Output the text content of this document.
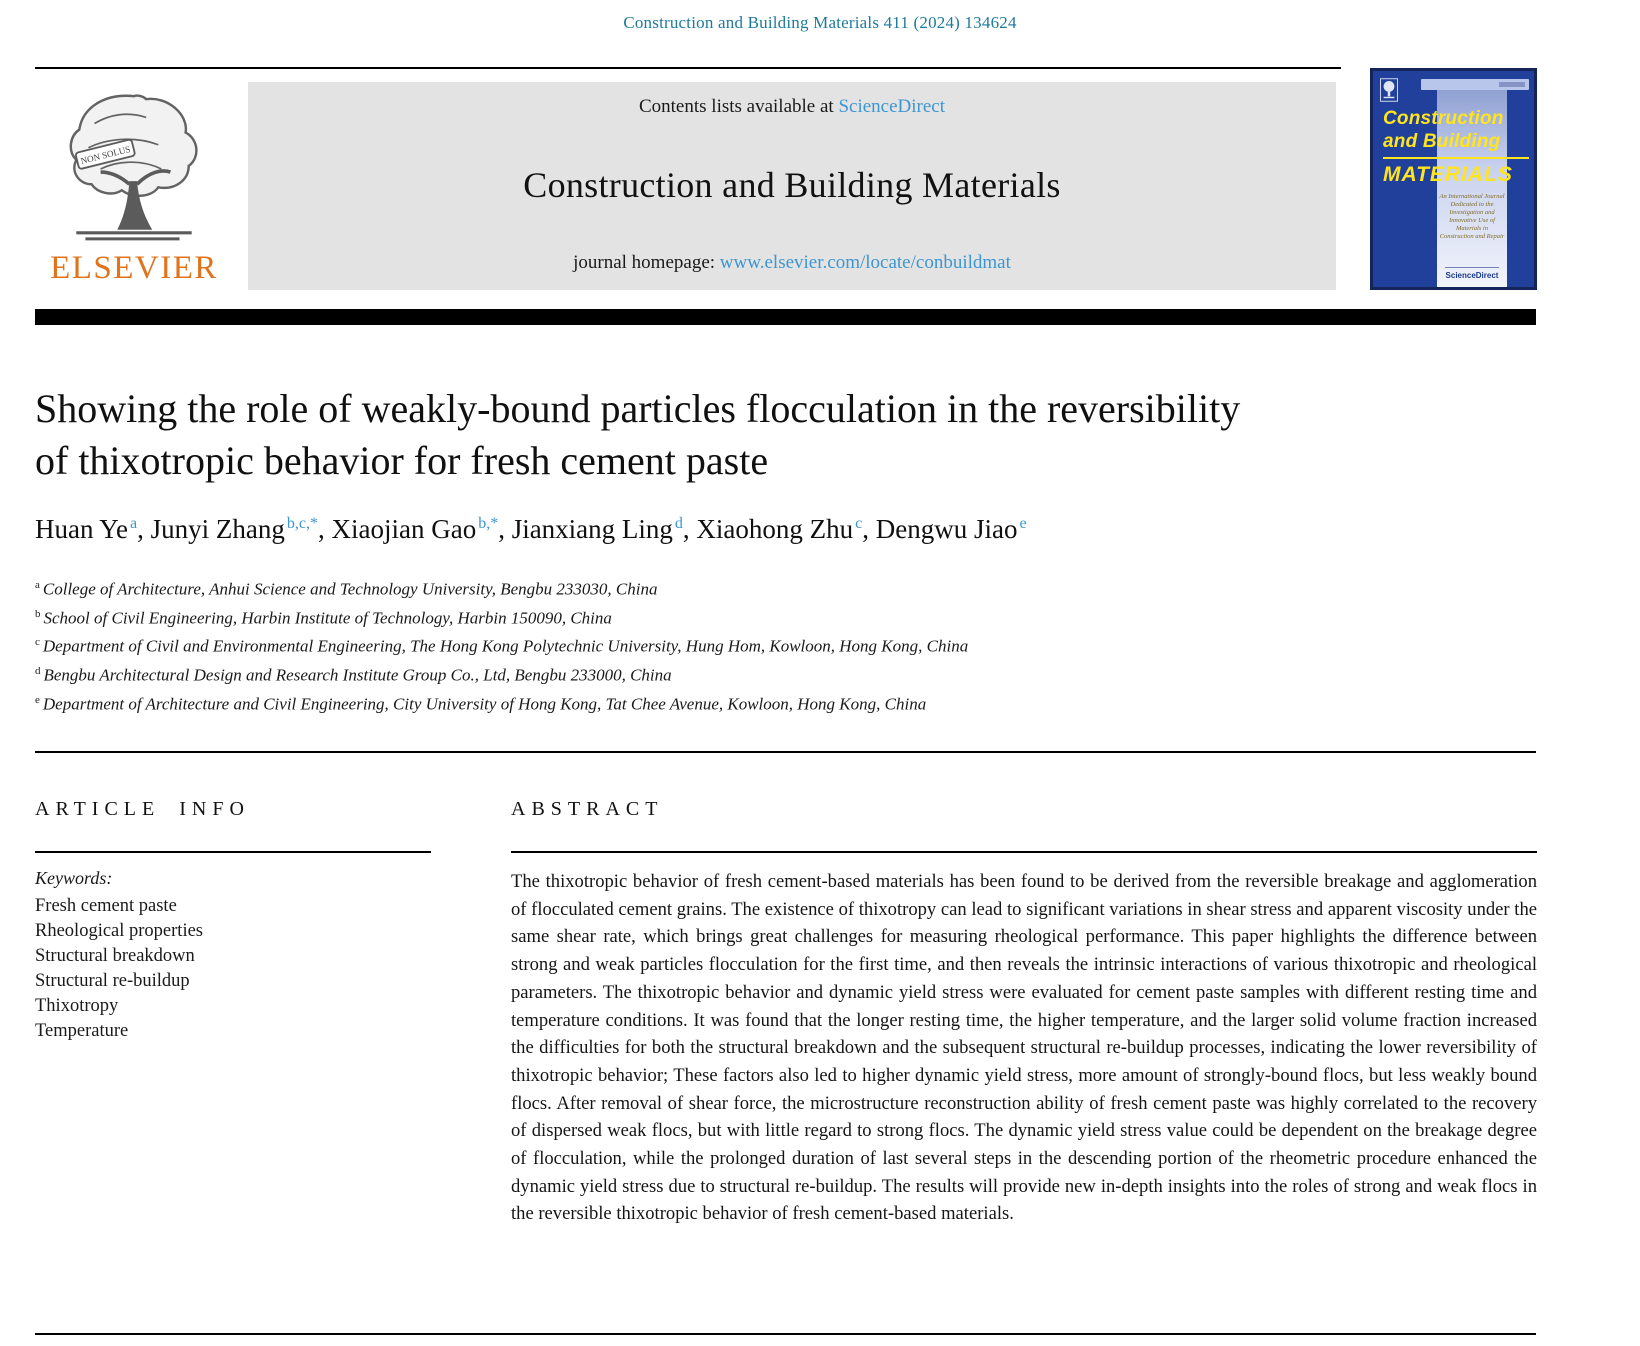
Construction and Building Materials 411 (2024) 134624
NON SOLUS
ELSEVIER
Contents lists available at ScienceDirect
Construction and Building Materials
journal homepage: www.elsevier.com/locate/conbuildmat
Construction
and Building
MATERIALS
An International Journal Dedicated to the Investigation and Innovative Use of Materials in Construction and Repair
ScienceDirect
Showing the role of weakly-bound particles flocculation in the reversibility
of thixotropic behavior for fresh cement paste
Huan Ye $^a$, Junyi Zhang $^{b,c,*}$, Xiaojian Gao $^{b,*}$, Jianxiang Ling $^d$, Xiaohong Zhu $^c$, Dengwu Jiao $^e$
$^a$ College of Architecture, Anhui Science and Technology University, Bengbu 233030, China
$^b$ School of Civil Engineering, Harbin Institute of Technology, Harbin 150090, China
$^c$ Department of Civil and Environmental Engineering, The Hong Kong Polytechnic University, Hung Hom, Kowloon, Hong Kong, China
$^d$ Bengbu Architectural Design and Research Institute Group Co., Ltd, Bengbu 233000, China
$^e$ Department of Architecture and Civil Engineering, City University of Hong Kong, Tat Chee Avenue, Kowloon, Hong Kong, China
ARTICLE INFO
Keywords:
Fresh cement paste
Rheological properties
Structural breakdown
Structural re-buildup
Thixotropy
Temperature
ABSTRACT
The thixotropic behavior of fresh cement-based materials has been found to be derived from the reversible breakage and agglomeration of flocculated cement grains. The existence of thixotropy can lead to significant variations in shear stress and apparent viscosity under the same shear rate, which brings great challenges for measuring rheological performance. This paper highlights the difference between strong and weak particles flocculation for the first time, and then reveals the intrinsic interactions of various thixotropic and rheological parameters. The thixotropic behavior and dynamic yield stress were evaluated for cement paste samples with different resting time and temperature conditions. It was found that the longer resting time, the higher temperature, and the larger solid volume fraction increased the difficulties for both the structural breakdown and the subsequent structural re-buildup processes, indicating the lower reversibility of thixotropic behavior; These factors also led to higher dynamic yield stress, more amount of strongly-bound flocs, but less weakly bound flocs. After removal of shear force, the microstructure reconstruction ability of fresh cement paste was highly correlated to the recovery of dispersed weak flocs, but with little regard to strong flocs. The dynamic yield stress value could be dependent on the breakage degree of flocculation, while the prolonged duration of last several steps in the descending portion of the rheometric procedure enhanced the dynamic yield stress due to structural re-buildup. The results will provide new in-depth insights into the roles of strong and weak flocs in the reversible thixotropic behavior of fresh cement-based materials.
